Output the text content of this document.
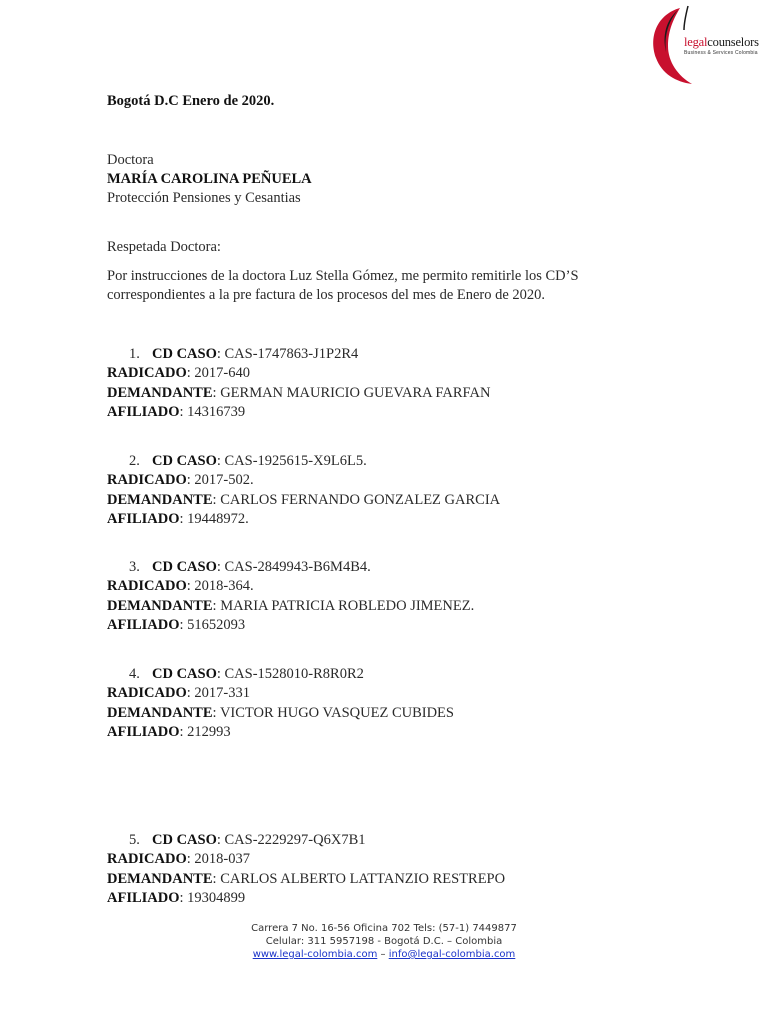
legalcounselors
Business & Services Colombia
Bogotá D.C Enero de 2020.
Doctora
MARÍA CAROLINA PEÑUELA
Protección Pensiones y Cesantias
Respetada Doctora:
Por instrucciones de la doctora Luz Stella Gómez, me permito remitirle los CD’S
correspondientes a la pre factura de los procesos del mes de Enero de 2020.
1. CD CASO: CAS-1747863-J1P2R4
RADICADO: 2017-640
DEMANDANTE: GERMAN MAURICIO GUEVARA FARFAN
AFILIADO: 14316739
2. CD CASO: CAS-1925615-X9L6L5.
RADICADO: 2017-502.
DEMANDANTE: CARLOS FERNANDO GONZALEZ GARCIA
AFILIADO: 19448972.
3. CD CASO: CAS-2849943-B6M4B4.
RADICADO: 2018-364.
DEMANDANTE: MARIA PATRICIA ROBLEDO JIMENEZ.
AFILIADO: 51652093
4. CD CASO: CAS-1528010-R8R0R2
RADICADO: 2017-331
DEMANDANTE: VICTOR HUGO VASQUEZ CUBIDES
AFILIADO: 212993
5. CD CASO: CAS-2229297-Q6X7B1
RADICADO: 2018-037
DEMANDANTE: CARLOS ALBERTO LATTANZIO RESTREPO
AFILIADO: 19304899
Carrera 7 No. 16-56 Oficina 702 Tels: (57-1) 7449877
Celular: 311 5957198 - Bogotá D.C. – Colombia
www.legal-colombia.com – info@legal-colombia.com
